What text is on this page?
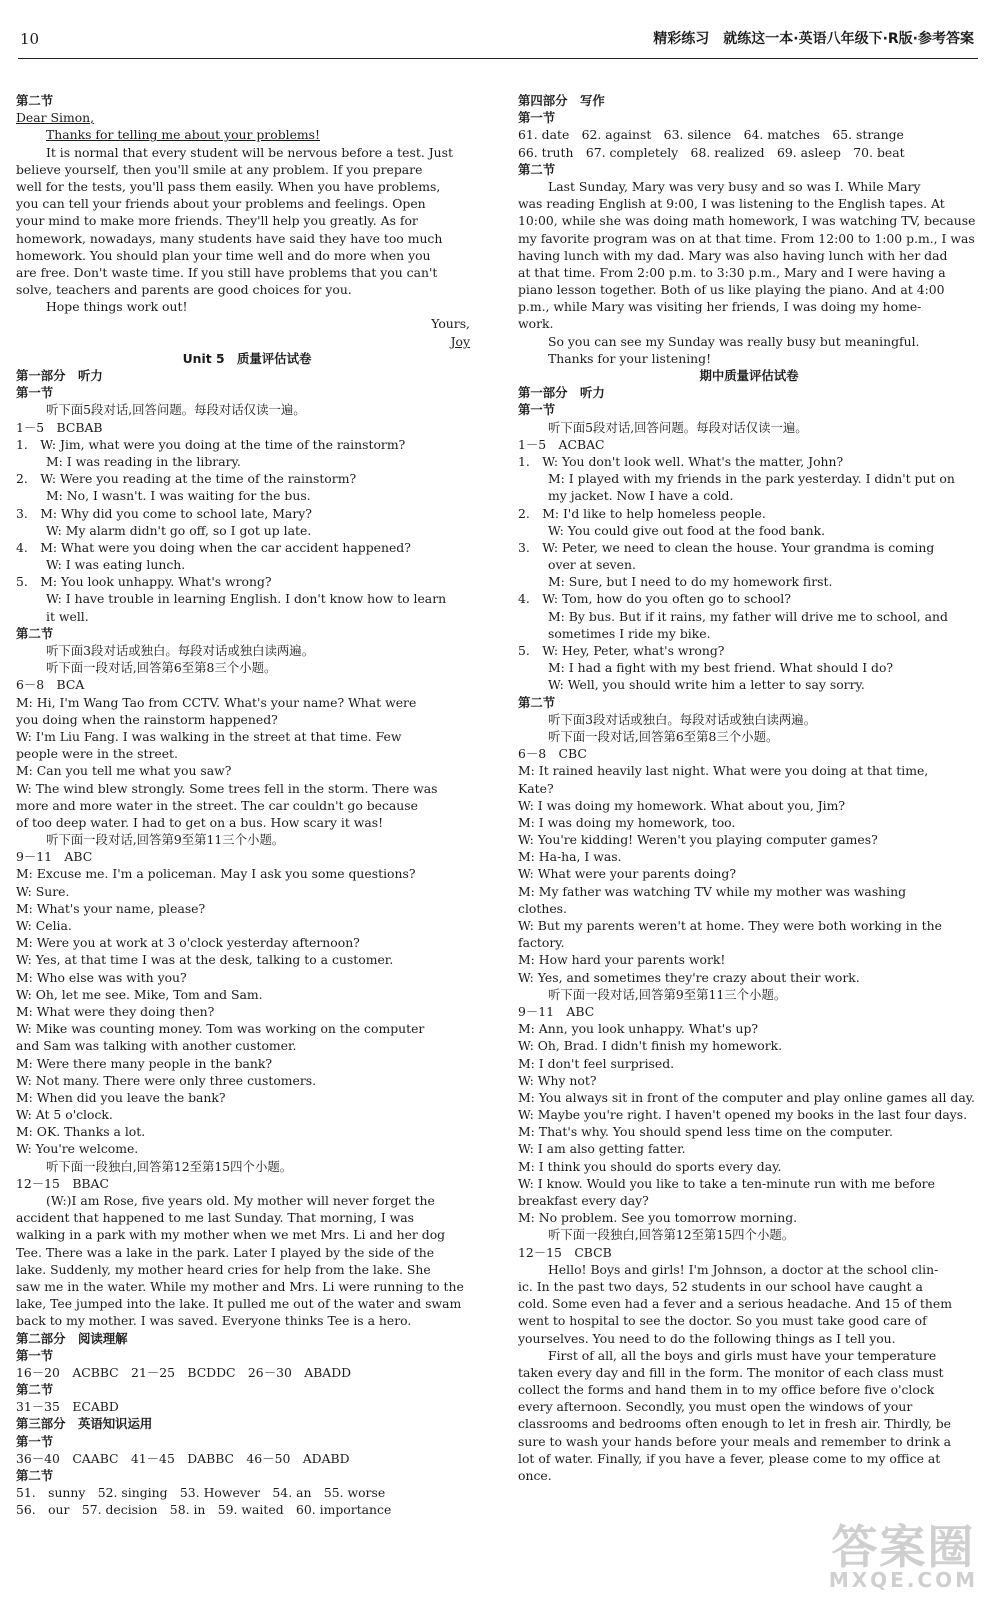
10	精彩练习　就练这一本·英语八年级下·R版·参考答案
第二节
Dear Simon,
Thanks for telling me about your problems!
It is normal that every student will be nervous before a test. Just
believe yourself, then you'll smile at any problem. If you prepare
well for the tests, you'll pass them easily. When you have problems,
you can tell your friends about your problems and feelings. Open
your mind to make more friends. They'll help you greatly. As for
homework, nowadays, many students have said they have too much
homework. You should plan your time well and do more when you
are free. Don't waste time. If you still have problems that you can't
solve, teachers and parents are good choices for you.
Hope things work out!
Yours,
Joy
Unit 5　质量评估试卷
第一部分　听力
第一节
听下面5段对话,回答问题。每段对话仅读一遍。
1－5　BCBAB
1.　W: Jim, what were you doing at the time of the rainstorm?
M: I was reading in the library.
2.　W: Were you reading at the time of the rainstorm?
M: No, I wasn't. I was waiting for the bus.
3.　M: Why did you come to school late, Mary?
W: My alarm didn't go off, so I got up late.
4.　M: What were you doing when the car accident happened?
W: I was eating lunch.
5.　M: You look unhappy. What's wrong?
W: I have trouble in learning English. I don't know how to learn
it well.
第二节
听下面3段对话或独白。每段对话或独白读两遍。
听下面一段对话,回答第6至第8三个小题。
6－8　BCA
M: Hi, I'm Wang Tao from CCTV. What's your name? What were
you doing when the rainstorm happened?
W: I'm Liu Fang. I was walking in the street at that time. Few
people were in the street.
M: Can you tell me what you saw?
W: The wind blew strongly. Some trees fell in the storm. There was
more and more water in the street. The car couldn't go because
of too deep water. I had to get on a bus. How scary it was!
听下面一段对话,回答第9至第11三个小题。
9－11　ABC
M: Excuse me. I'm a policeman. May I ask you some questions?
W: Sure.
M: What's your name, please?
W: Celia.
M: Were you at work at 3 o'clock yesterday afternoon?
W: Yes, at that time I was at the desk, talking to a customer.
M: Who else was with you?
W: Oh, let me see. Mike, Tom and Sam.
M: What were they doing then?
W: Mike was counting money. Tom was working on the computer
and Sam was talking with another customer.
M: Were there many people in the bank?
W: Not many. There were only three customers.
M: When did you leave the bank?
W: At 5 o'clock.
M: OK. Thanks a lot.
W: You're welcome.
听下面一段独白,回答第12至第15四个小题。
12－15　BBAC
(W:)I am Rose, five years old. My mother will never forget the
accident that happened to me last Sunday. That morning, I was
walking in a park with my mother when we met Mrs. Li and her dog
Tee. There was a lake in the park. Later I played by the side of the
lake. Suddenly, my mother heard cries for help from the lake. She
saw me in the water. While my mother and Mrs. Li were running to the
lake, Tee jumped into the lake. It pulled me out of the water and swam
back to my mother. I was saved. Everyone thinks Tee is a hero.
第二部分　阅读理解
第一节
16－20　ACBBC　21－25　BCDDC　26－30　ABADD
第二节
31－35　ECABD
第三部分　英语知识运用
第一节
36－40　CAABC　41－45　DABBC　46－50　ADABD
第二节
51.　sunny　52. singing　53. However　54. an　55. worse
56.　our　57. decision　58. in　59. waited　60. importance
第四部分　写作
第一节
61. date　62. against　63. silence　64. matches　65. strange
66. truth　67. completely　68. realized　69. asleep　70. beat
第二节
Last Sunday, Mary was very busy and so was I. While Mary
was reading English at 9:00, I was listening to the English tapes. At
10:00, while she was doing math homework, I was watching TV, because
my favorite program was on at that time. From 12:00 to 1:00 p.m., I was
having lunch with my dad. Mary was also having lunch with her dad
at that time. From 2:00 p.m. to 3:30 p.m., Mary and I were having a
piano lesson together. Both of us like playing the piano. And at 4:00
p.m., while Mary was visiting her friends, I was doing my home-
work.
So you can see my Sunday was really busy but meaningful.
Thanks for your listening!
期中质量评估试卷
第一部分　听力
第一节
听下面5段对话,回答问题。每段对话仅读一遍。
1－5　ACBAC
1.　W: You don't look well. What's the matter, John?
M: I played with my friends in the park yesterday. I didn't put on
my jacket. Now I have a cold.
2.　M: I'd like to help homeless people.
W: You could give out food at the food bank.
3.　W: Peter, we need to clean the house. Your grandma is coming
over at seven.
M: Sure, but I need to do my homework first.
4.　W: Tom, how do you often go to school?
M: By bus. But if it rains, my father will drive me to school, and
sometimes I ride my bike.
5.　W: Hey, Peter, what's wrong?
M: I had a fight with my best friend. What should I do?
W: Well, you should write him a letter to say sorry.
第二节
听下面3段对话或独白。每段对话或独白读两遍。
听下面一段对话,回答第6至第8三个小题。
6－8　CBC
M: It rained heavily last night. What were you doing at that time,
Kate?
W: I was doing my homework. What about you, Jim?
M: I was doing my homework, too.
W: You're kidding! Weren't you playing computer games?
M: Ha-ha, I was.
W: What were your parents doing?
M: My father was watching TV while my mother was washing
clothes.
W: But my parents weren't at home. They were both working in the
factory.
M: How hard your parents work!
W: Yes, and sometimes they're crazy about their work.
听下面一段对话,回答第9至第11三个小题。
9－11　ABC
M: Ann, you look unhappy. What's up?
W: Oh, Brad. I didn't finish my homework.
M: I don't feel surprised.
W: Why not?
M: You always sit in front of the computer and play online games all day.
W: Maybe you're right. I haven't opened my books in the last four days.
M: That's why. You should spend less time on the computer.
W: I am also getting fatter.
M: I think you should do sports every day.
W: I know. Would you like to take a ten-minute run with me before
breakfast every day?
M: No problem. See you tomorrow morning.
听下面一段独白,回答第12至第15四个小题。
12－15　CBCB
Hello! Boys and girls! I'm Johnson, a doctor at the school clin-
ic. In the past two days, 52 students in our school have caught a
cold. Some even had a fever and a serious headache. And 15 of them
went to hospital to see the doctor. So you must take good care of
yourselves. You need to do the following things as I tell you.
First of all, all the boys and girls must have your temperature
taken every day and fill in the form. The monitor of each class must
collect the forms and hand them in to my office before five o'clock
every afternoon. Secondly, you must open the windows of your
classrooms and bedrooms often enough to let in fresh air. Thirdly, be
sure to wash your hands before your meals and remember to drink a
lot of water. Finally, if you have a fever, please come to my office at
once.
答案圈
MXQE.COM
